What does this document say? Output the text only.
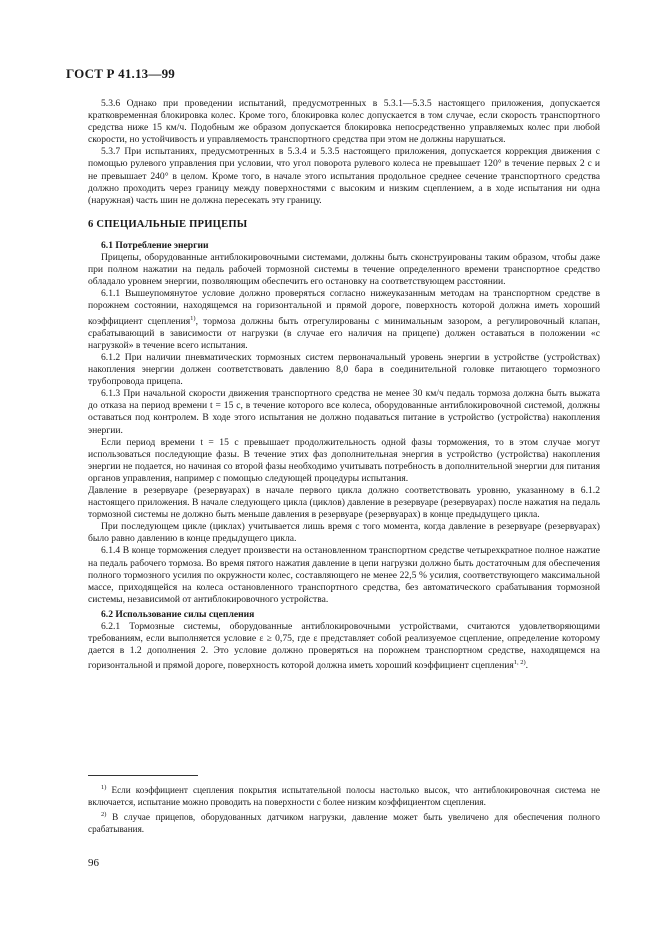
ГОСТ Р 41.13—99

5.3.6 Однако при проведении испытаний, предусмотренных в 5.3.1—5.3.5 настоящего приложения, допускается кратковременная блокировка колес. Кроме того, блокировка колес допускается в том случае, если скорость транспортного средства ниже 15 км/ч. Подобным же образом допускается блокировка непосредственно управляемых колес при любой скорости, но устойчивость и управляемость транспортного средства при этом не должны нарушаться.

5.3.7 При испытаниях, предусмотренных в 5.3.4 и 5.3.5 настоящего приложения, допускается коррекция движения с помощью рулевого управления при условии, что угол поворота рулевого колеса не превышает 120° в течение первых 2 с и не превышает 240° в целом. Кроме того, в начале этого испытания продольное среднее сечение транспортного средства должно проходить через границу между поверхностями с высоким и низким сцеплением, а в ходе испытания ни одна (наружная) часть шин не должна пересекать эту границу.

6 СПЕЦИАЛЬНЫЕ ПРИЦЕПЫ
6.1 Потребление энергии

Прицепы, оборудованные антиблокировочными системами, должны быть сконструированы таким образом, чтобы даже при полном нажатии на педаль рабочей тормозной системы в течение определенного времени транспортное средство обладало уровнем энергии, позволяющим обеспечить его остановку на соответствующем расстоянии.

6.1.1 Вышеупомянутое условие должно проверяться согласно нижеуказанным методам на транспортном средстве в порожнем состоянии, находящемся на горизонтальной и прямой дороге, поверхность которой должна иметь хороший коэффициент сцепления$^{1)}$, тормоза должны быть отрегулированы с минимальным зазором, а регулировочный клапан, срабатывающий в зависимости от нагрузки (в случае его наличия на прицепе) должен оставаться в положении «с нагрузкой» в течение всего испытания.

6.1.2 При наличии пневматических тормозных систем первоначальный уровень энергии в устройстве (устройствах) накопления энергии должен соответствовать давлению 8,0 бара в соединительной головке питающего тормозного трубопровода прицепа.

6.1.3 При начальной скорости движения транспортного средства не менее 30 км/ч педаль тормоза должна быть выжата до отказа на период времени t = 15 с, в течение которого все колеса, оборудованные антиблокировочной системой, должны оставаться под контролем. В ходе этого испытания не должно подаваться питание в устройство (устройства) накопления энергии.

Если период времени t = 15 с превышает продолжительность одной фазы торможения, то в этом случае могут использоваться последующие фазы. В течение этих фаз дополнительная энергия в устройство (устройства) накопления энергии не подается, но начиная со второй фазы необходимо учитывать потребность в дополнительной энергии для питания органов управления, например с помощью следующей процедуры испытания.

Давление в резервуаре (резервуарах) в начале первого цикла должно соответствовать уровню, указанному в 6.1.2 настоящего приложения. В начале следующего цикла (циклов) давление в резервуаре (резервуарах) после нажатия на педаль тормозной системы не должно быть меньше давления в резервуаре (резервуарах) в конце предыдущего цикла.

При последующем цикле (циклах) учитывается лишь время с того момента, когда давление в резервуаре (резервуарах) было равно давлению в конце предыдущего цикла.

6.1.4 В конце торможения следует произвести на остановленном транспортном средстве четырехкратное полное нажатие на педаль рабочего тормоза. Во время пятого нажатия давление в цепи нагрузки должно быть достаточным для обеспечения полного тормозного усилия по окружности колес, составляющего не менее 22,5 % усилия, соответствующего максимальной массе, приходящейся на колеса остановленного транспортного средства, без автоматического срабатывания тормозной системы, независимой от антиблокировочного устройства.

6.2 Использование силы сцепления

6.2.1 Тормозные системы, оборудованные антиблокировочными устройствами, считаются удовлетворяющими требованиям, если выполняется условие ε ≥ 0,75, где ε представляет собой реализуемое сцепление, определение которому дается в 1.2 дополнения 2. Это условие должно проверяться на порожнем транспортном средстве, находящемся на горизонтальной и прямой дороге, поверхность которой должна иметь хороший коэффициент сцепления$^{1, 2)}$.

$^{1)}$ Если коэффициент сцепления покрытия испытательной полосы настолько высок, что антиблокировочная система не включается, испытание можно проводить на поверхности с более низким коэффициентом сцепления.

$^{2)}$ В случае прицепов, оборудованных датчиком нагрузки, давление может быть увеличено для обеспечения полного срабатывания.

96
